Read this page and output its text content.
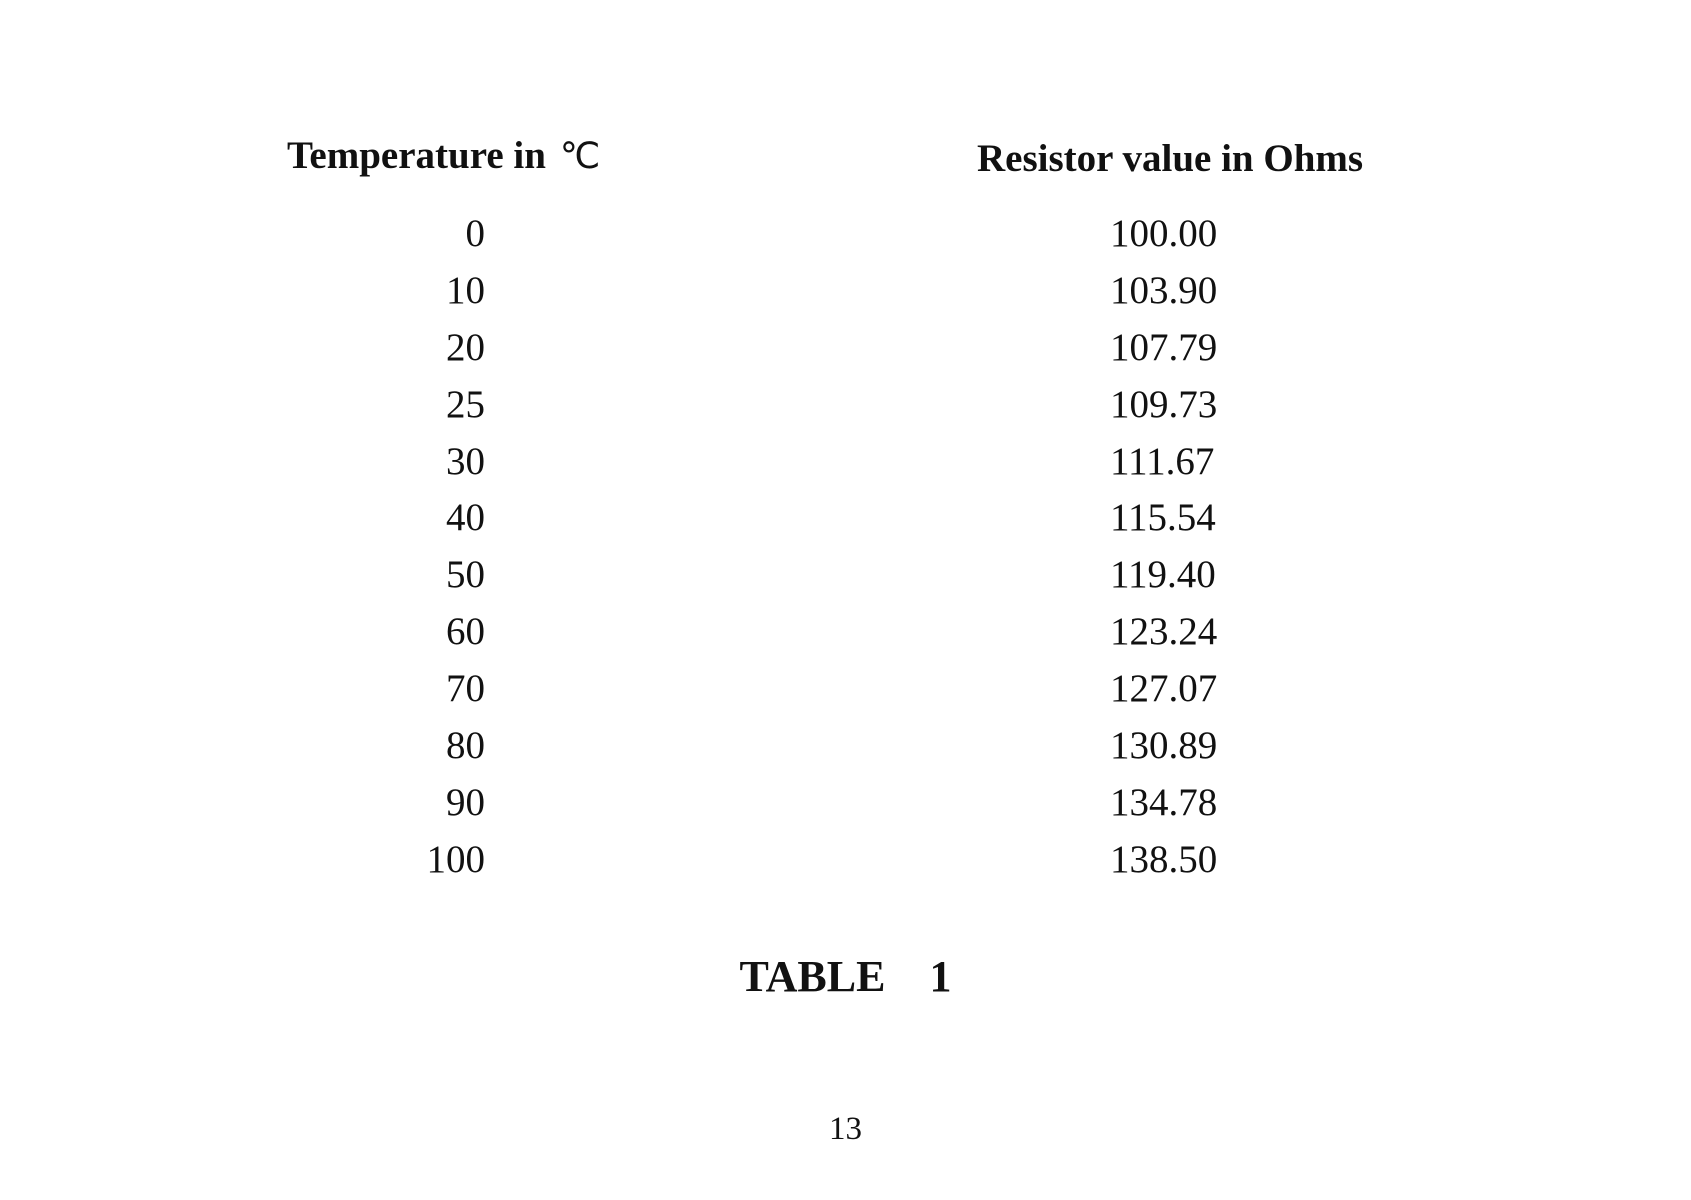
Temperature in ℃	Resistor value in Ohms
0
10
20
25
30
40
50
60
70
80
90
100
100.00
103.90
107.79
109.73
111.67
115.54
119.40
123.24
127.07
130.89
134.78
138.50
TABLE    1
13
